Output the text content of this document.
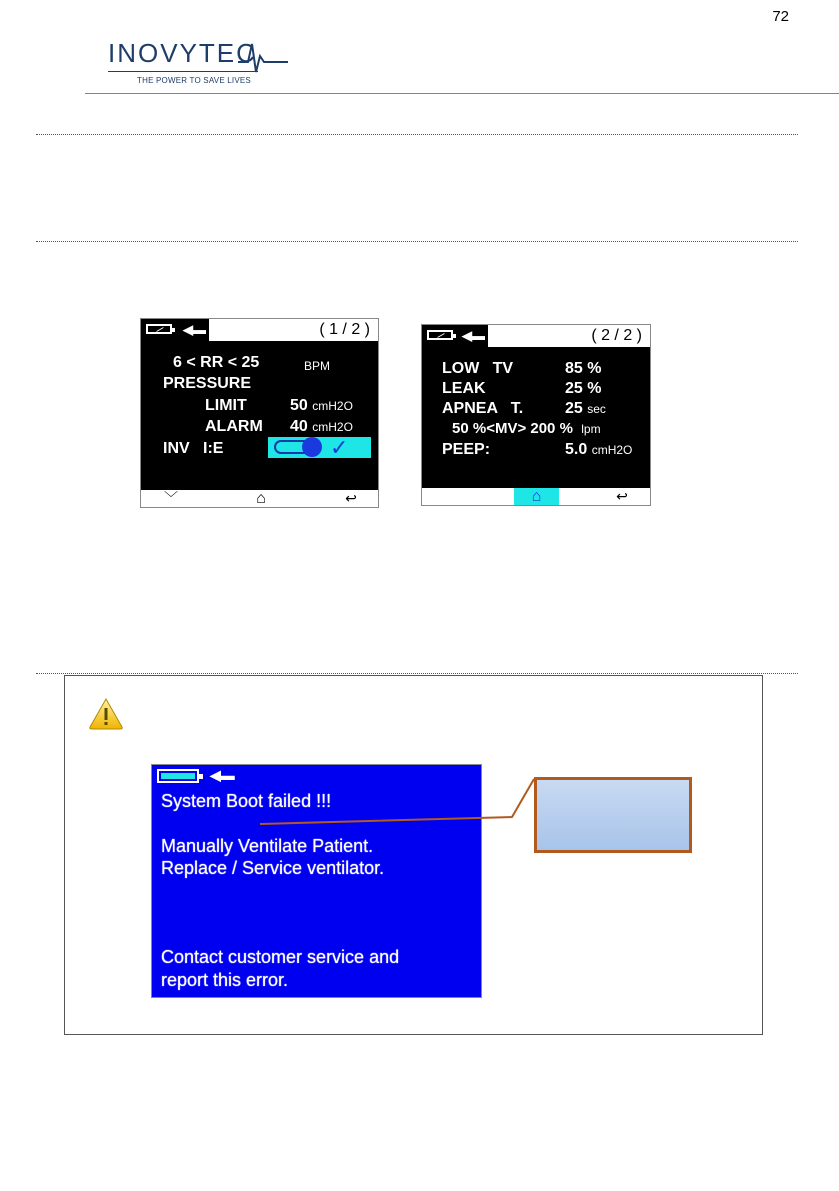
72
INOVYTEC
THE POWER TO SAVE LIVES
◀▬

ALARMS

( 1 / 2 )

6 < RR < 25	BPM
PRESSURE
LIMIT	50 cmH2O
ALARM 40 cmH2O
INV   I:E	✓
﹀	⌂	↩
◀▬

ALARMS

( 2 / 2 )

LOW   TV	85 %
LEAK	25 %
APNEA   T.	25 sec
50 %<MV> 200 % lpm
PEEP:	5.0 cmH2O
⌂	↩
◀▬
System Boot failed !!!
Manually Ventilate Patient.
Replace / Service ventilator.
Contact customer service and
report this error.
